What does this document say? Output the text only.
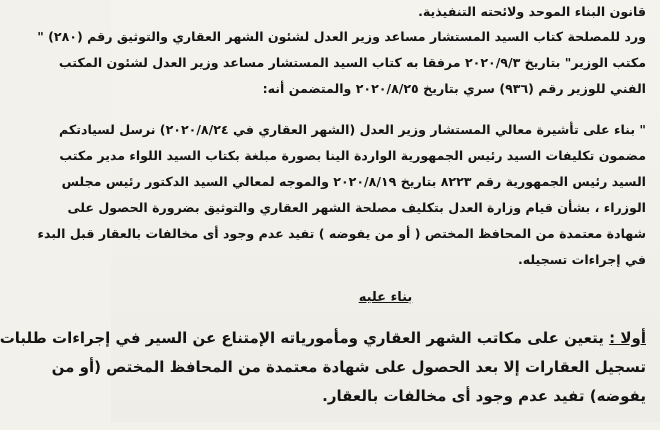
قانون البناء الموحد ولائحته التنفيذية.
ورد للمصلحة كتاب السيد المستشار مساعد وزير العدل لشئون الشهر العقاري والتوثيق رقم (٢٨٠) "
مكتب الوزير" بتاريخ ٢٠٢٠/٩/٣ مرفقا به كتاب السيد المستشار مساعد وزير العدل لشئون المكتب
الفني للوزير رقم (٩٣٦) سري بتاريخ ٢٠٢٠/٨/٢٥ والمتضمن أنه:
" بناء على تأشيرة معالي المستشار وزير العدل (الشهر العقاري في ٢٠٢٠/٨/٢٤) نرسل لسيادتكم
مضمون تكليفات السيد رئيس الجمهورية الواردة الينا بصورة مبلغة بكتاب السيد اللواء مدير مكتب
السيد رئيس الجمهورية رقم ٨٢٢٣ بتاريخ ٢٠٢٠/٨/١٩ والموجه لمعالي السيد الدكتور رئيس مجلس
الوزراء ، بشأن قيام وزارة العدل بتكليف مصلحة الشهر العقاري والتوثيق بضرورة الحصول على
شهادة معتمدة من المحافظ المختص ( أو من يفوضه ) تفيد عدم وجود أى مخالفات بالعقار قبل البدء
في إجراءات تسجيله.
بناء عليه
أولا : يتعين على مكاتب الشهر العقاري ومأمورياته الإمتناع عن السير في إجراءات طلبات
تسجيل العقارات إلا بعد الحصول على شهادة معتمدة من المحافظ المختص (أو من
يفوضه) تفيد عدم وجود أى مخالفات بالعقار.
